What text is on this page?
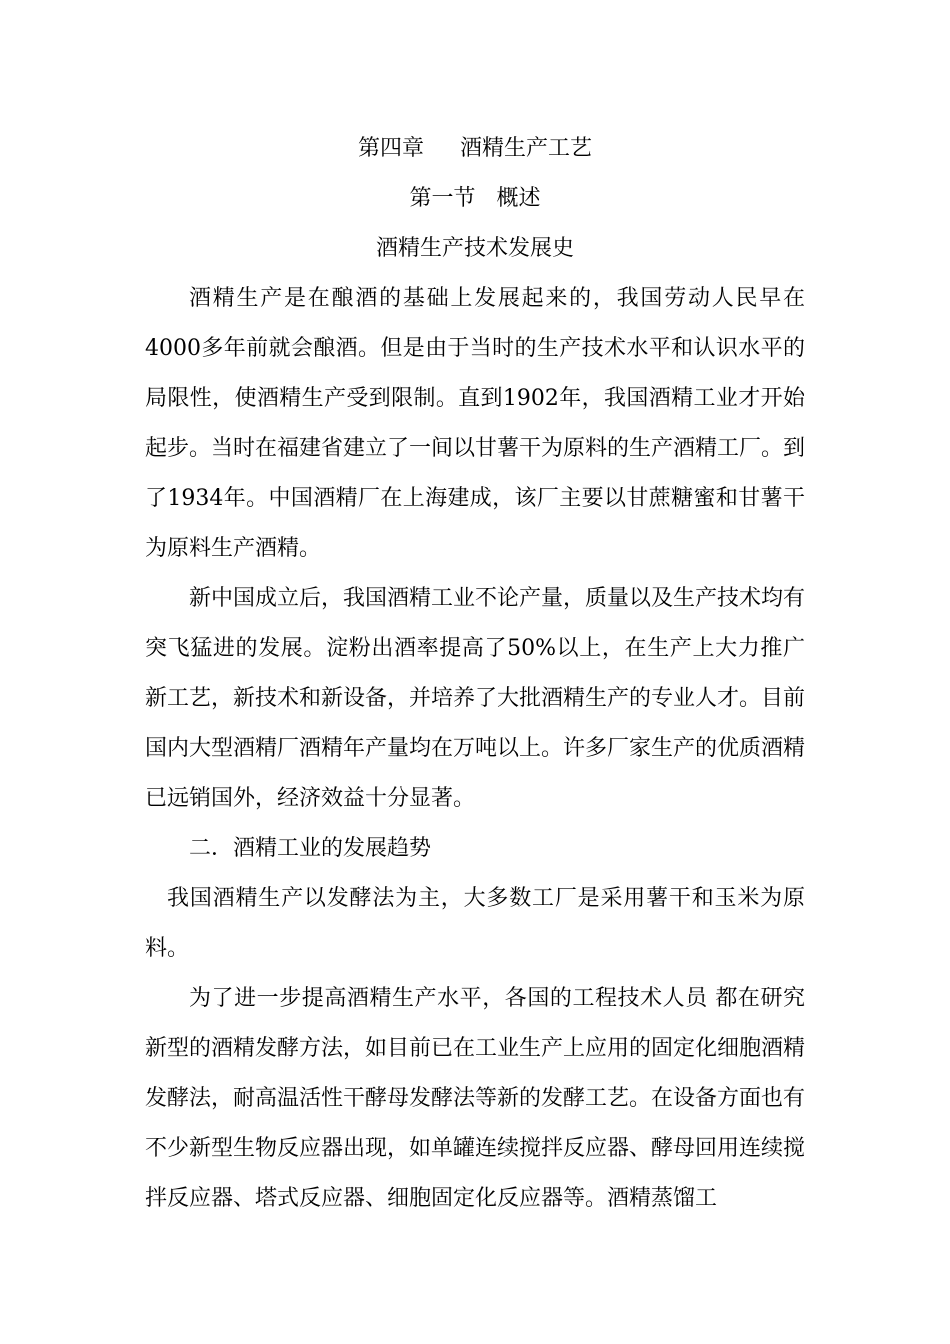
第四章　  酒精生产工艺
第一节   概述
酒精生产技术发展史

酒精生产是在酿酒的基础上发展起来的，我国劳动人民早在4000多年前就会酿酒。但是由于当时的生产技术水平和认识水平的局限性，使酒精生产受到限制。直到1902年，我国酒精工业才开始起步。当时在福建省建立了一间以甘薯干为原料的生产酒精工厂。到了1934年。中国酒精厂在上海建成，该厂主要以甘蔗糖蜜和甘薯干为原料生产酒精。

新中国成立后，我国酒精工业不论产量，质量以及生产技术均有突飞猛进的发展。淀粉出酒率提高了50%以上，在生产上大力推广新工艺，新技术和新设备，并培养了大批酒精生产的专业人才。目前国内大型酒精厂酒精年产量均在万吨以上。许多厂家生产的优质酒精已远销国外，经济效益十分显著。

二．酒精工业的发展趋势

我国酒精生产以发酵法为主，大多数工厂是采用薯干和玉米为原料。

为了进一步提高酒精生产水平，各国的工程技术人员 都在研究新型的酒精发酵方法，如目前已在工业生产上应用的固定化细胞酒精发酵法，耐高温活性干酵母发酵法等新的发酵工艺。在设备方面也有不少新型生物反应器出现，如单罐连续搅拌反应器、酵母回用连续搅拌反应器、塔式反应器、细胞固定化反应器等。酒精蒸馏工
